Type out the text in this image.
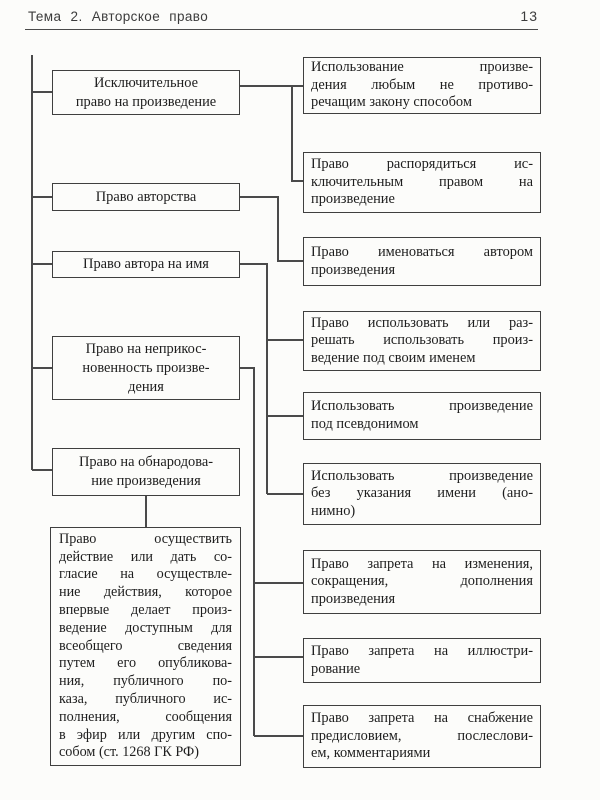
Тема 2. Авторское право	13
Исключительное
право на произведение
Право авторства
Право автора на имя
Право на неприкос-
новенность произве-
дения
Право на обнародова-
ние произведения
Право осуществить
действие или дать со-
гласие на осуществле-
ние действия, которое
впервые делает произ-
ведение доступным для
всеобщего сведения
путем его опубликова-
ния, публичного по-
каза, публичного ис-
полнения, сообщения
в эфир или другим спо-
собом (ст. 1268 ГК РФ)
Использование произве-
дения любым не противо-
речащим закону способом
Право распорядиться ис-
ключительным правом на
произведение
Право именоваться автором
произведения
Право использовать или раз-
решать использовать произ-
ведение под своим именем
Использовать произведение
под псевдонимом
Использовать произведение
без указания имени (ано-
нимно)
Право запрета на изменения,
сокращения, дополнения
произведения
Право запрета на иллюстри-
рование
Право запрета на снабжение
предисловием, послеслови-
ем, комментариями
